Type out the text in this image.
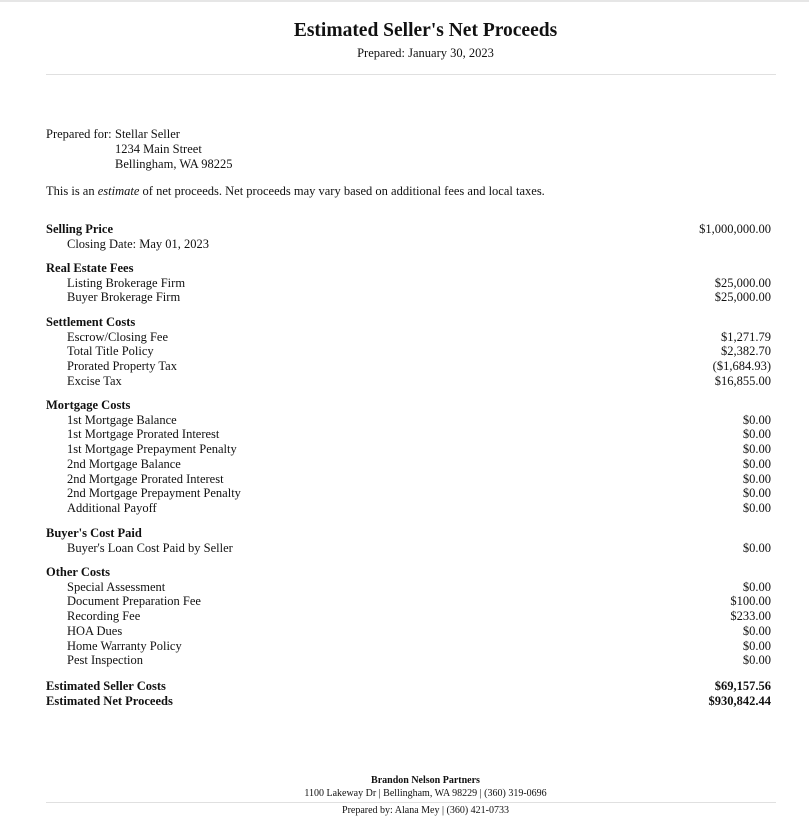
Estimated Seller's Net Proceeds
Prepared: January 30, 2023
Prepared for: Stellar Seller
1234 Main Street
Bellingham, WA 98225
This is an estimate of net proceeds. Net proceeds may vary based on additional fees and local taxes.
Selling Price	$1,000,000.00
Closing Date: May 01, 2023
Real Estate Fees
Listing Brokerage Firm	$25,000.00
Buyer Brokerage Firm	$25,000.00
Settlement Costs
Escrow/Closing Fee	$1,271.79
Total Title Policy	$2,382.70
Prorated Property Tax	($1,684.93)
Excise Tax	$16,855.00
Mortgage Costs
1st Mortgage Balance	$0.00
1st Mortgage Prorated Interest	$0.00
1st Mortgage Prepayment Penalty	$0.00
2nd Mortgage Balance	$0.00
2nd Mortgage Prorated Interest	$0.00
2nd Mortgage Prepayment Penalty	$0.00
Additional Payoff	$0.00
Buyer's Cost Paid
Buyer's Loan Cost Paid by Seller	$0.00
Other Costs
Special Assessment	$0.00
Document Preparation Fee	$100.00
Recording Fee	$233.00
HOA Dues	$0.00
Home Warranty Policy	$0.00
Pest Inspection	$0.00
Estimated Seller Costs	$69,157.56
Estimated Net Proceeds	$930,842.44
Brandon Nelson Partners
1100 Lakeway Dr | Bellingham, WA 98229 | (360) 319-0696
Prepared by: Alana Mey | (360) 421-0733
